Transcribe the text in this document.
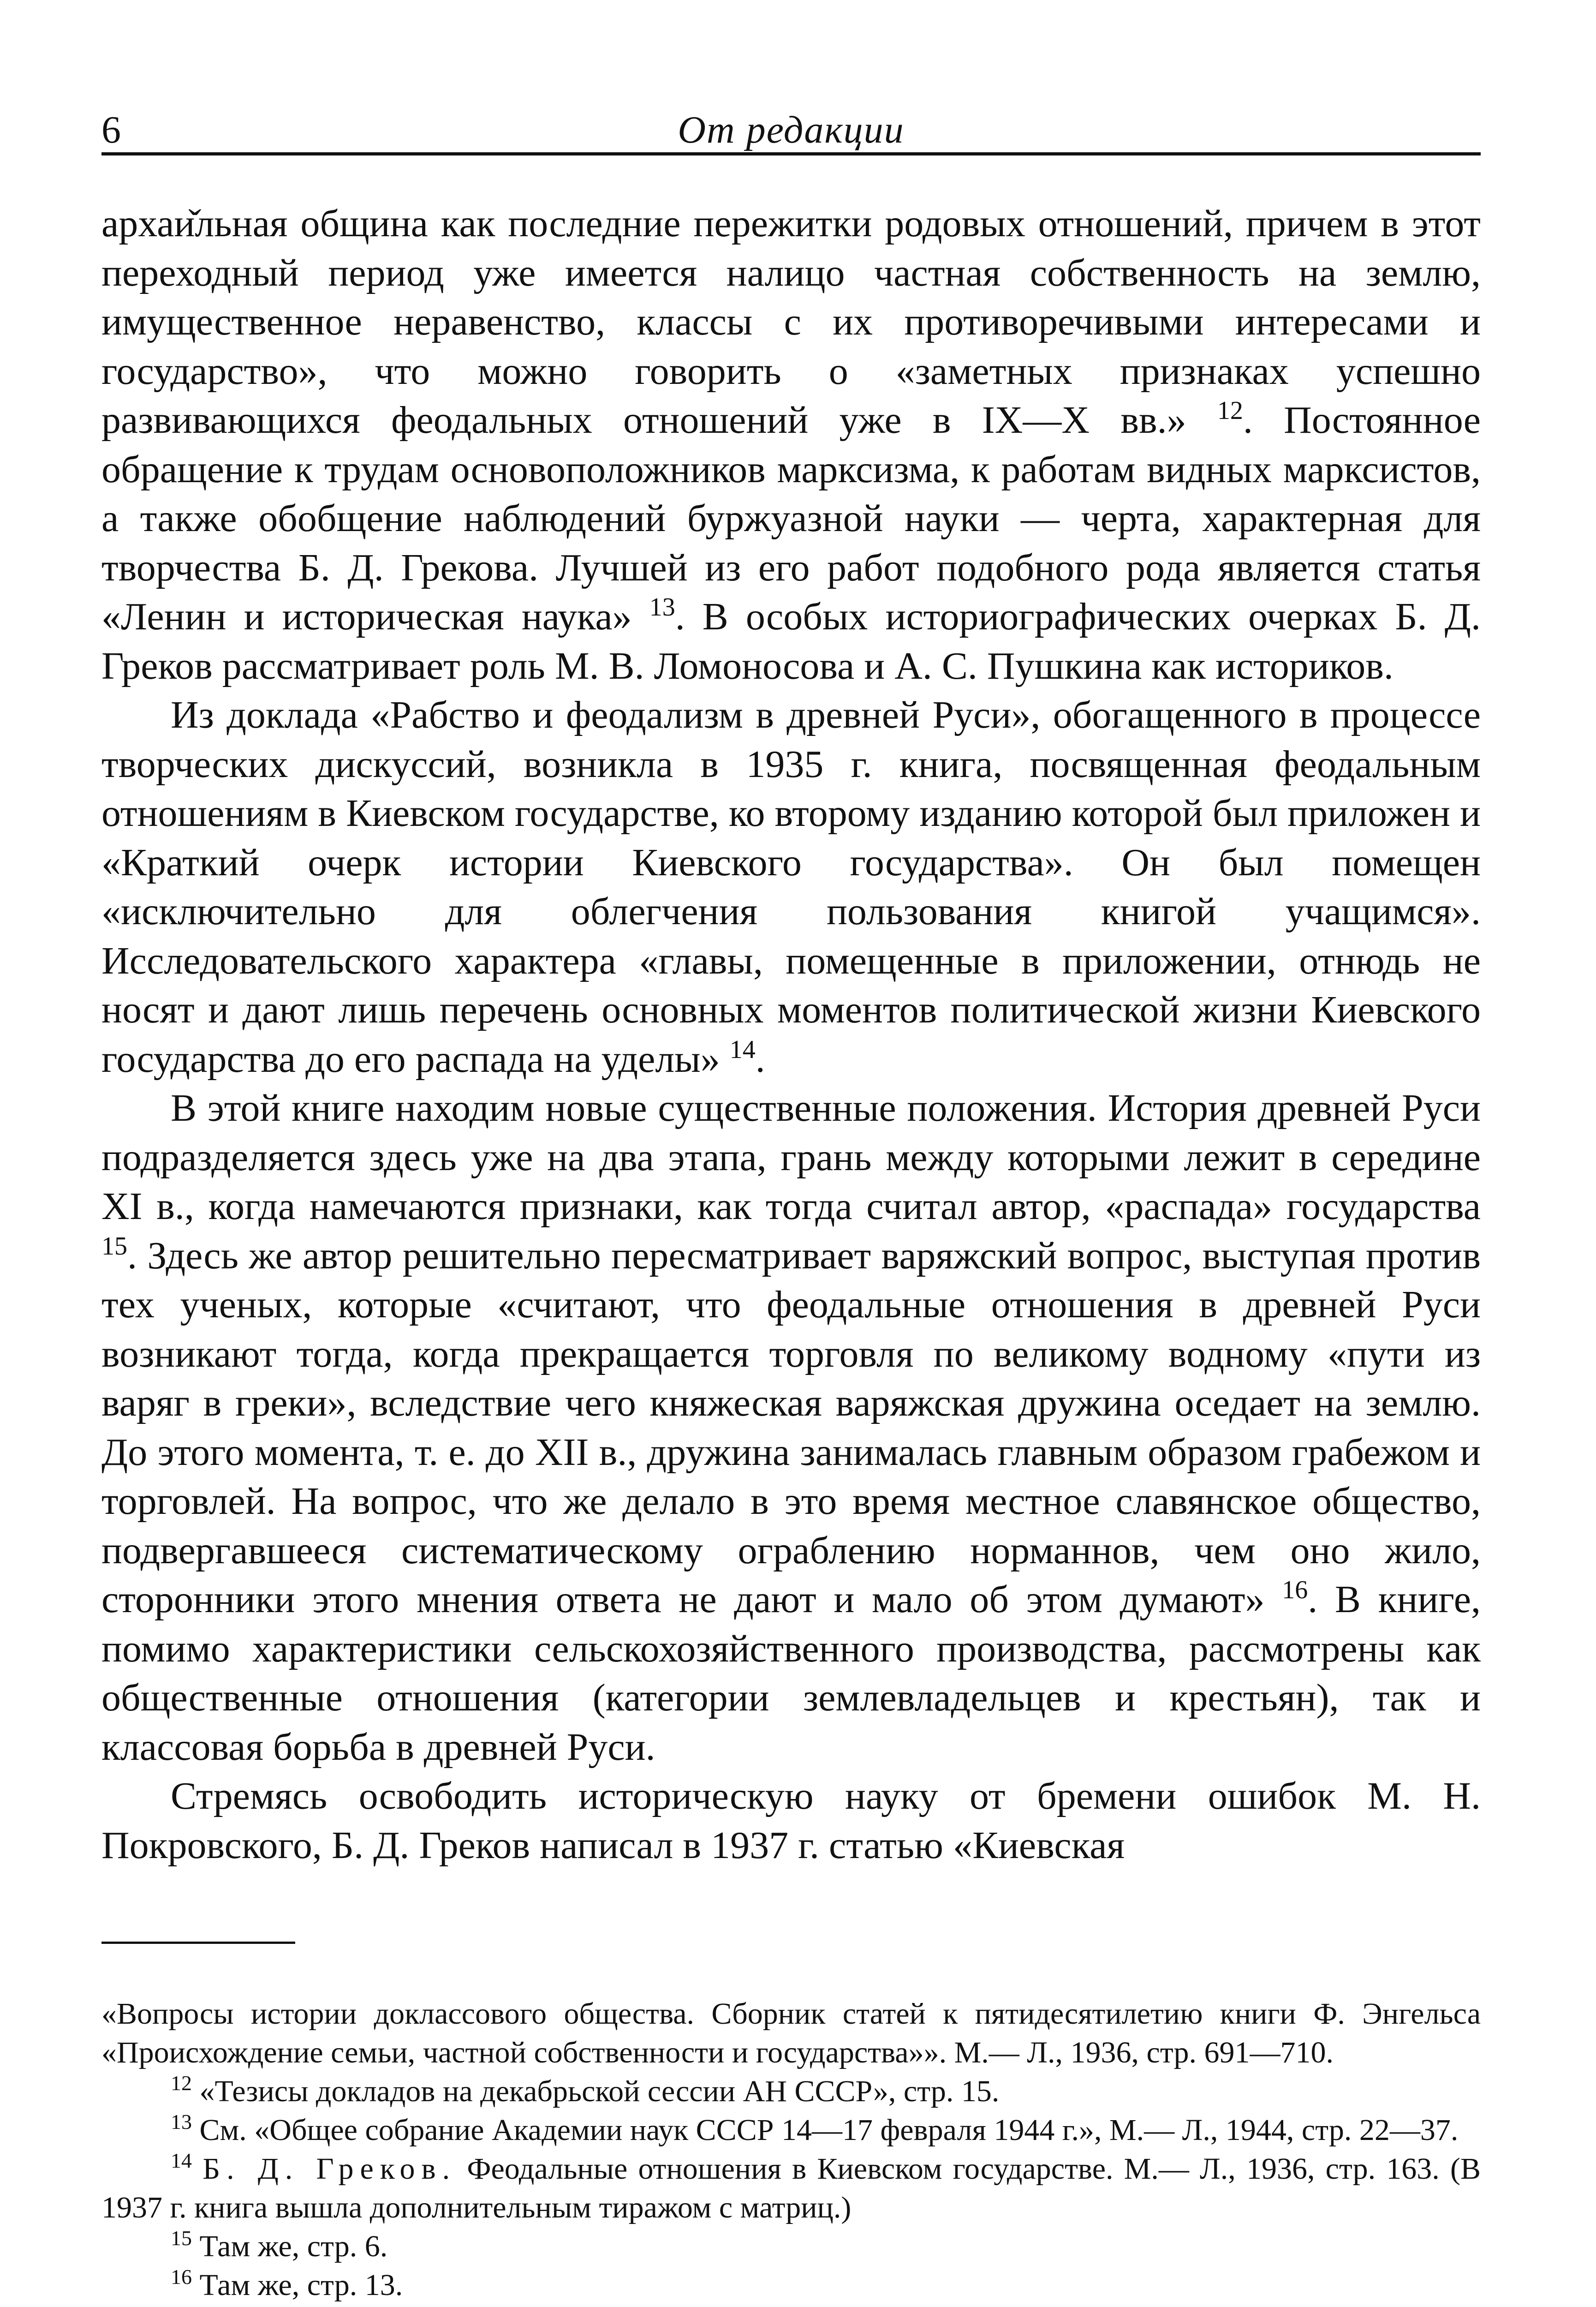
6	От редакции

архаи̌льная община как последние пережитки родовых отношений, причем в этот переходный период уже имеется налицо частная собственность на землю, имущественное неравенство, классы с их противоречивыми интересами и государство», что можно говорить о «заметных признаках успешно развивающихся феодальных отношений уже в IX—X вв.» $^{12}$. Постоянное обращение к трудам основоположников марксизма, к работам видных марксистов, а также обобщение наблюдений буржуазной науки — черта, характерная для творчества Б. Д. Грекова. Лучшей из его работ подобного рода является статья «Ленин и историческая наука» $^{13}$. В особых историографических очерках Б. Д. Греков рассматривает роль М. В. Ломоносова и А. С. Пушкина как историков.

Из доклада «Рабство и феодализм в древней Руси», обогащенного в процессе творческих дискуссий, возникла в 1935 г. книга, посвященная феодальным отношениям в Киевском государстве, ко второму изданию которой был приложен и «Краткий очерк истории Киевского государства». Он был помещен «исключительно для облегчения пользования книгой учащимся». Исследовательского характера «главы, помещенные в приложении, отнюдь не носят и дают лишь перечень основных моментов политической жизни Киевского государства до его распада на уделы» $^{14}$.

В этой книге находим новые существенные положения. История древней Руси подразделяется здесь уже на два этапа, грань между которыми лежит в середине XI в., когда намечаются признаки, как тогда считал автор, «распада» государства $^{15}$. Здесь же автор решительно пересматривает варяжский вопрос, выступая против тех ученых, которые «считают, что феодальные отношения в древней Руси возникают тогда, когда прекращается торговля по великому водному «пути из варяг в греки», вследствие чего княжеская варяжская дружина оседает на землю. До этого момента, т. е. до XII в., дружина занималась главным образом грабежом и торговлей. На вопрос, что же делало в это время местное славянское общество, подвергавшееся систематическому ограблению норманнов, чем оно жило, сторонники этого мнения ответа не дают и мало об этом думают» $^{16}$. В книге, помимо характеристики сельскохозяйственного производства, рассмотрены как общественные отношения (категории землевладельцев и крестьян), так и классовая борьба в древней Руси.

Стремясь освободить историческую науку от бремени ошибок М. Н. Покровского, Б. Д. Греков написал в 1937 г. статью «Киевская

«Вопросы истории доклассового общества. Сборник статей к пятидесятилетию книги Ф. Энгельса «Происхождение семьи, частной собственности и государства»». М.— Л., 1936, стр. 691—710.

$^{12}$ «Тезисы докладов на декабрьской сессии АН СССР», стр. 15.

$^{13}$ См. «Общее собрание Академии наук СССР 14—17 февраля 1944 г.», М.— Л., 1944, стр. 22—37.

$^{14}$ Б. Д. Греков. Феодальные отношения в Киевском государстве. М.— Л., 1936, стр. 163. (В 1937 г. книга вышла дополнительным тиражом с матриц.)

$^{15}$ Там же, стр. 6.

$^{16}$ Там же, стр. 13.
